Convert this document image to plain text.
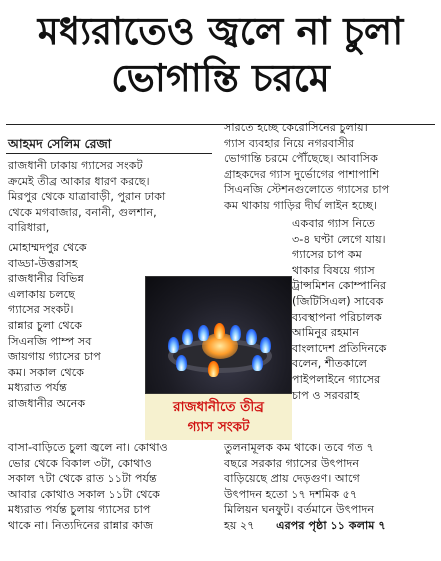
মধ্যরাতেও জ্বলে না চুলা
ভোগান্তি চরমে
আহমদ সেলিম রেজা
রাজধানী ঢাকায় গ্যাসের সংকট
ক্রমেই তীব্র আকার ধারণ করছে।
মিরপুর থেকে যাত্রাবাড়ী, পুরান ঢাকা
থেকে মগবাজার, বনানী, গুলশান,
বারিধারা,
মোহাম্মদপুর থেকে
বাড্ডা-উত্তরাসহ
রাজধানীর বিভিন্ন
এলাকায় চলছে
গ্যাসের সংকট।
রান্নার চুলা থেকে
সিএনজি পাম্প সব
জায়গায় গ্যাসের চাপ
কম। সকাল থেকে
মধ্যরাত পর্যন্ত
রাজধানীর অনেক
সারতে হচ্ছে কেরোসিনের চুলায়।
গ্যাস ব্যবহার নিয়ে নগরবাসীর
ভোগান্তি চরমে পৌঁছেছে। আবাসিক
গ্রাহকদের গ্যাস দুর্ভোগের পাশাপাশি
সিএনজি স্টেশনগুলোতে গ্যাসের চাপ
কম থাকায় গাড়ির দীর্ঘ লাইন হচ্ছে।
একবার গ্যাস নিতে
৩-৪ ঘণ্টা লেগে যায়।
গ্যাসের চাপ কম
থাকার বিষয়ে গ্যাস
ট্রান্সমিশন কোম্পানির
(জিটিসিএল) সাবেক
ব্যবস্থাপনা পরিচালক
আমিনুর রহমান
বাংলাদেশ প্রতিদিনকে
বলেন, শীতকালে
পাইপলাইনে গ্যাসের
চাপ ও সরবরাহ
রাজধানীতে তীব্র
গ্যাস সংকট
বাসা-বাড়িতে চুলা জ্বলে না। কোথাও
ভোর থেকে বিকাল ৩টা, কোথাও
সকাল ৭টা থেকে রাত ১১টা পর্যন্ত
আবার কোথাও সকাল ১১টা থেকে
মধ্যরাত পর্যন্ত চুলায় গ্যাসের চাপ
থাকে না। নিত্যদিনের রান্নার কাজ
তুলনামূলক কম থাকে। তবে গত ৭
বছরে সরকার গ্যাসের উৎপাদন
বাড়িয়েছে প্রায় দেড়গুণ। আগে
উৎপাদন হতো ১৭ দশমিক ৫৭
মিলিয়ন ঘনফুট। বর্তমানে উৎপাদন
হয় ২৭ এরপর পৃষ্ঠা ১১ কলাম ৭
